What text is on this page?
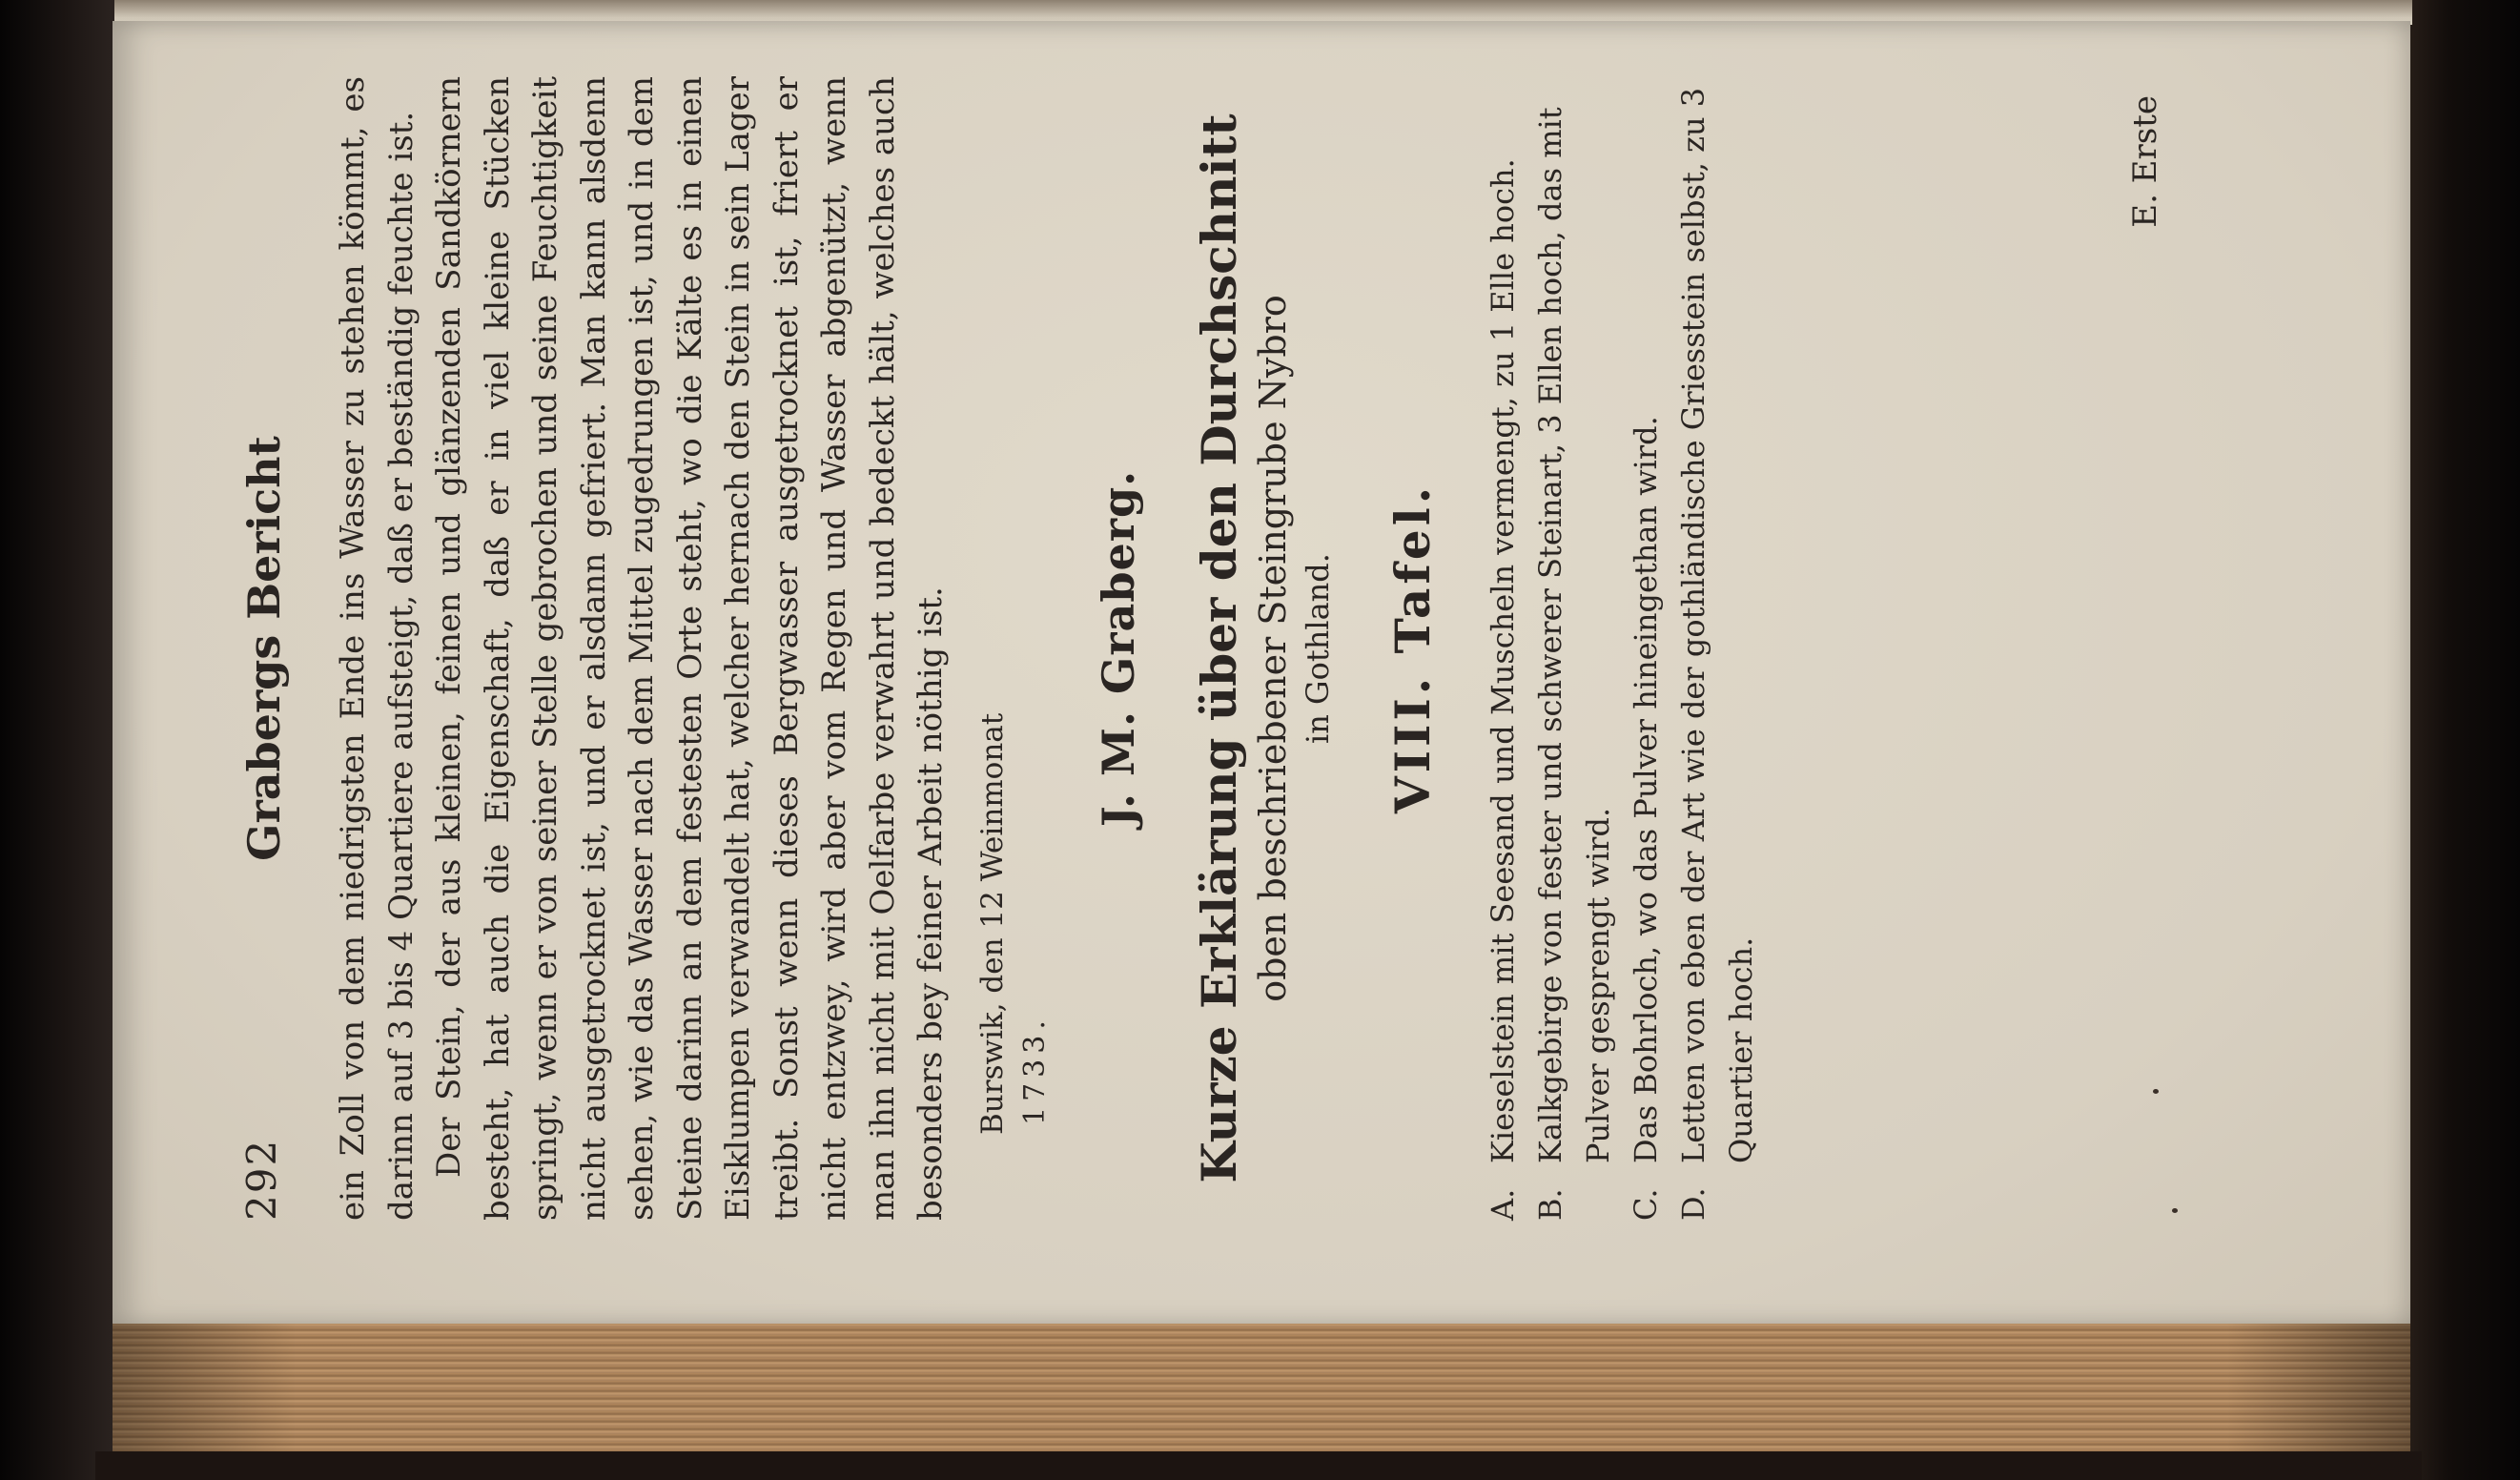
292
Grabergs Bericht ein Zoll von dem niedrigsten Ende ins Wasser zu stehen kömmt, es darinn auf 3 bis 4 Quartiere aufsteigt, daß er beständig feuchte ist. Der Stein, der aus kleinen, feinen und glänzenden Sandkörnern besteht, hat auch die Eigenschaft, daß er in viel kleine Stücken springt, wenn er von seiner Stelle gebrochen und seine Feuchtigkeit nicht ausgetrocknet ist, und er alsdann gefriert. Man kann alsdenn sehen, wie das Wasser nach dem Mittel zugedrungen ist, und in dem Steine darinn an dem festesten Orte steht, wo die Kälte es in einen Eisklumpen verwandelt hat, welcher hernach den Stein in sein Lager treibt. Sonst wenn dieses Bergwasser ausgetrocknet ist, friert er nicht entzwey, wird aber vom Regen und Wasser abgenützt, wenn man ihn nicht mit Oelfarbe verwahrt und bedeckt hält, welches auch besonders bey feiner Arbeit nöthig ist. Burswik, den 12 Weinmonat 1733.

J. M. Graberg. Kurze Erklärung über den Durchschnitt oben beschriebener Steingrube Nybro in Gothland. VIII. Tafel.

A.
Kieselstein mit Seesand und Muscheln vermengt, zu 1 Elle hoch.
B.
Kalkgebirge von fester und schwerer Steinart, 3 Ellen hoch, das mit Pulver gesprengt wird.
C.
Das Bohrloch, wo das Pulver hineingethan wird.
D.
Letten von eben der Art wie der gothländische Griesstein selbst, zu 3 Quartier hoch.
E. Erste
